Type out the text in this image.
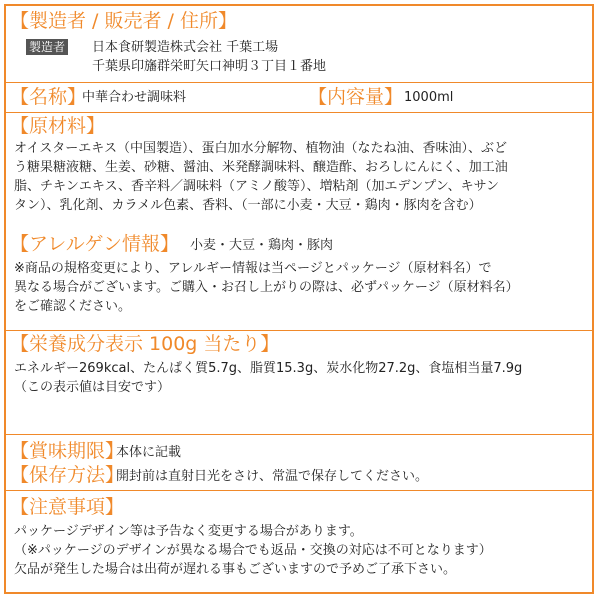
【製造者 / 販売者 / 住所】
製造者 日本食研製造株式会社 千葉工場
千葉県印旛群栄町矢口神明３丁目１番地
【名称】
中華合わせ調味料	【内容量】 1000ml
【原材料】
オイスターエキス（中国製造）、蛋白加水分解物、植物油（なたね油、香味油）、ぶど
う糖果糖液糖、生姜、砂糖、醤油、米発酵調味料、醸造酢、おろしにんにく、加工油
脂、チキンエキス、香辛料／調味料（アミノ酸等）、増粘剤（加エデンプン、キサン
タン）、乳化剤、カラメル色素、香料、（一部に小麦・大豆・鶏肉・豚肉を含む）
【アレルゲン情報】 小麦・大豆・鶏肉・豚肉
※商品の規格変更により、アレルギー情報は当ページとパッケージ（原材料名）で
異なる場合がございます。ご購入・お召し上がりの際は、必ずパッケージ（原材料名）
をご確認ください。
【栄養成分表示 100g 当たり】
エネルギー269kcal、たんぱく質5.7g、脂質15.3g、炭水化物27.2g、食塩相当量7.9g
（この表示値は目安です）
【賞味期限】
本体に記載
【保存方法】
開封前は直射日光をさけ、常温で保存してください。
【注意事項】
パッケージデザイン等は予告なく変更する場合があります。
（※パッケージのデザインが異なる場合でも返品・交換の対応は不可となります）
欠品が発生した場合は出荷が遅れる事もございますので予めご了承下さい。
